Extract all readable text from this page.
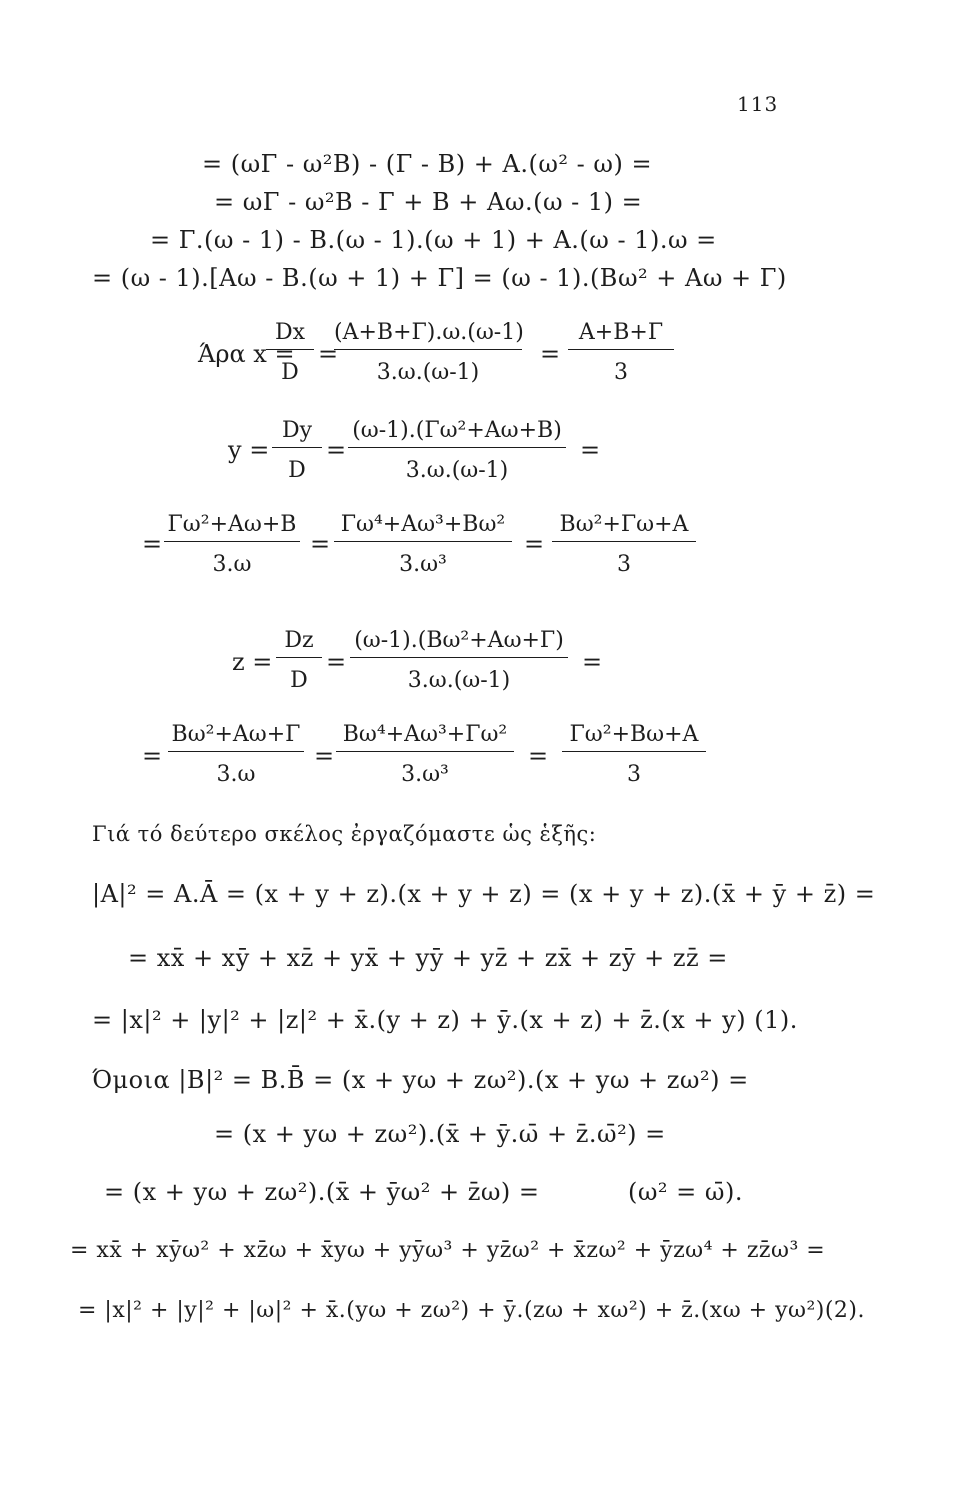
113
= (ωΓ - ω²B) - (Γ - B) + A.(ω² - ω) =
= ωΓ - ω²B - Γ + B + Aω.(ω - 1) =
= Γ.(ω - 1) - B.(ω - 1).(ω + 1) + A.(ω - 1).ω =
= (ω - 1).[Aω - B.(ω + 1) + Γ] = (ω - 1).(Bω² + Aω + Γ)
Άρα x =
Dx
D
=
(A+B+Γ).ω.(ω-1)
3.ω.(ω-1)
=
A+B+Γ
3
y =
Dy
D
=
(ω-1).(Γω²+Aω+B)
3.ω.(ω-1)
=
=
Γω²+Aω+B
3.ω
=
Γω⁴+Aω³+Bω²
3.ω³
=
Bω²+Γω+A
3
z =
Dz
D
=
(ω-1).(Bω²+Aω+Γ)
3.ω.(ω-1)
=
=
Bω²+Aω+Γ
3.ω
=
Bω⁴+Aω³+Γω²
3.ω³
=
Γω²+Bω+A
3
Γιά τό δεύτερο σκέλος ἐργαζόμαστε ὡς ἑξῆς:
|A|² = A.Ā = (x + y + z).(x + y + z) = (x + y + z).(x̄ + ȳ + z̄) =
= xx̄ + xȳ + xz̄ + yx̄ + yȳ + yz̄ + zx̄ + zȳ + zz̄ =
= |x|² + |y|² + |z|² + x̄.(y + z) + ȳ.(x + z) + z̄.(x + y) (1).
Όμοια |B|² = B.B̄ = (x + yω + zω²).(x + yω + zω²) =
= (x + yω + zω²).(x̄ + ȳ.ω̄ + z̄.ω̄²) =
= (x + yω + zω²).(x̄ + ȳω² + z̄ω) =	(ω² = ω̄).
= xx̄ + xȳω² + xz̄ω + x̄yω + yȳω³ + yz̄ω² + x̄zω² + ȳzω⁴ + zz̄ω³ =
= |x|² + |y|² + |ω|² + x̄.(yω + zω²) + ȳ.(zω + xω²) + z̄.(xω + yω²)(2).
